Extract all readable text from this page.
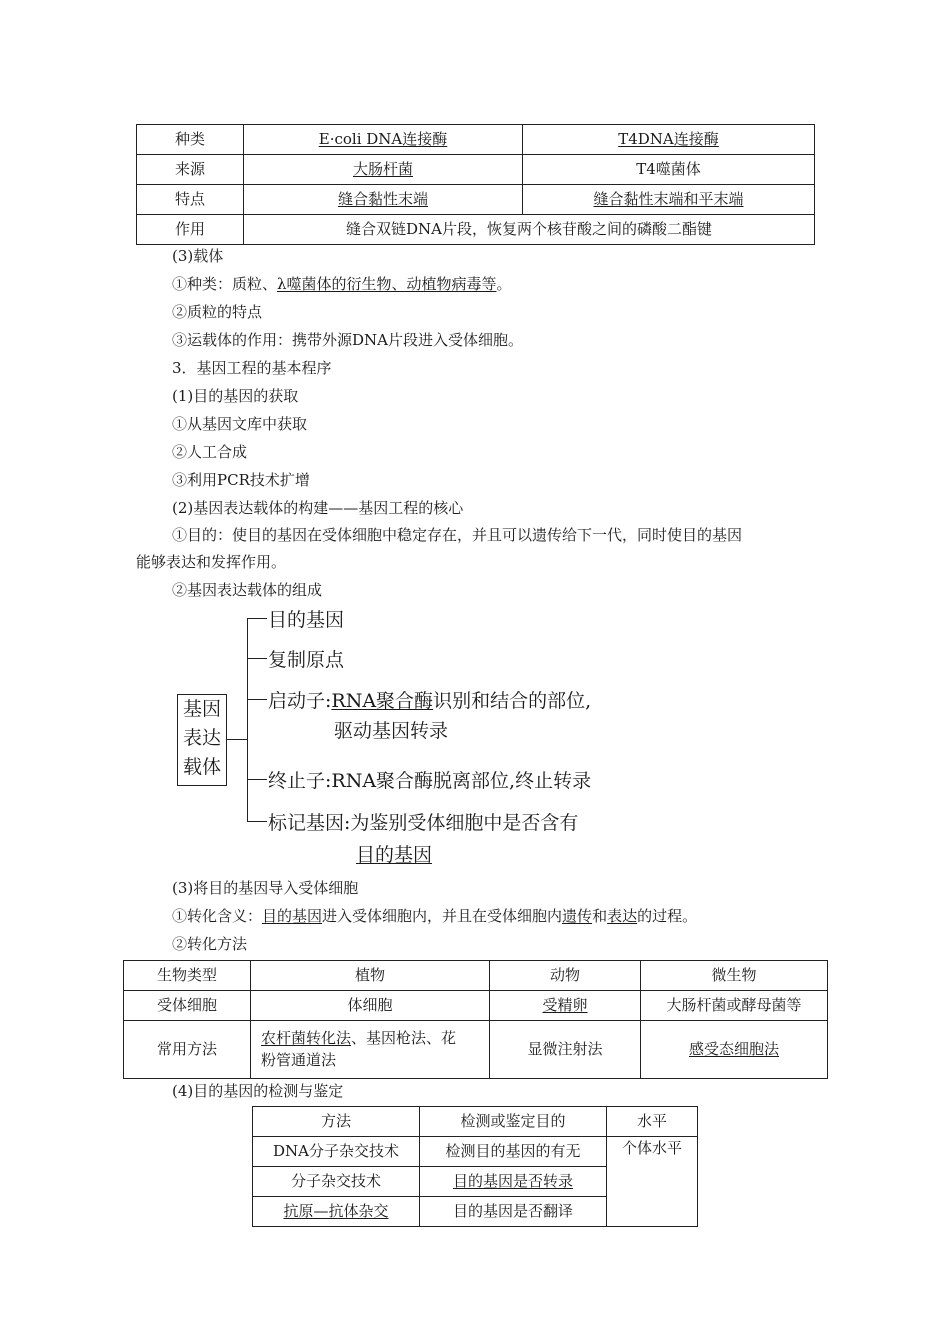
种类	E·coli DNA连接酶	T4DNA连接酶
来源	大肠杆菌	T4噬菌体
特点	缝合黏性末端	缝合黏性末端和平末端
作用	缝合双链DNA片段，恢复两个核苷酸之间的磷酸二酯键	
(3)载体
①种类：质粒、λ噬菌体的衍生物、动植物病毒等。
②质粒的特点
③运载体的作用：携带外源DNA片段进入受体细胞。
3．基因工程的基本程序
(1)目的基因的获取
①从基因文库中获取
②人工合成
③利用PCR技术扩增
(2)基因表达载体的构建——基因工程的核心
①目的：使目的基因在受体细胞中稳定存在，并且可以遗传给下一代，同时使目的基因
能够表达和发挥作用。
②基因表达载体的组成
基因
表达
载体
目的基因
复制原点
启动子:RNA聚合酶识别和结合的部位,
驱动基因转录
终止子:RNA聚合酶脱离部位,终止转录
标记基因:为鉴别受体细胞中是否含有
目的基因
(3)将目的基因导入受体细胞
①转化含义：目的基因进入受体细胞内，并且在受体细胞内遗传和表达的过程。
②转化方法
生物类型	植物	动物	微生物
受体细胞	体细胞	受精卵	大肠杆菌或酵母菌等
常用方法	农杆菌转化法、基因枪法、花
粉管通道法	显微注射法	感受态细胞法
(4)目的基因的检测与鉴定
方法	检测或鉴定目的	水平
DNA分子杂交技术	检测目的基因的有无	个体水平
分子杂交技术	目的基因是否转录	
抗原—抗体杂交	目的基因是否翻译	
